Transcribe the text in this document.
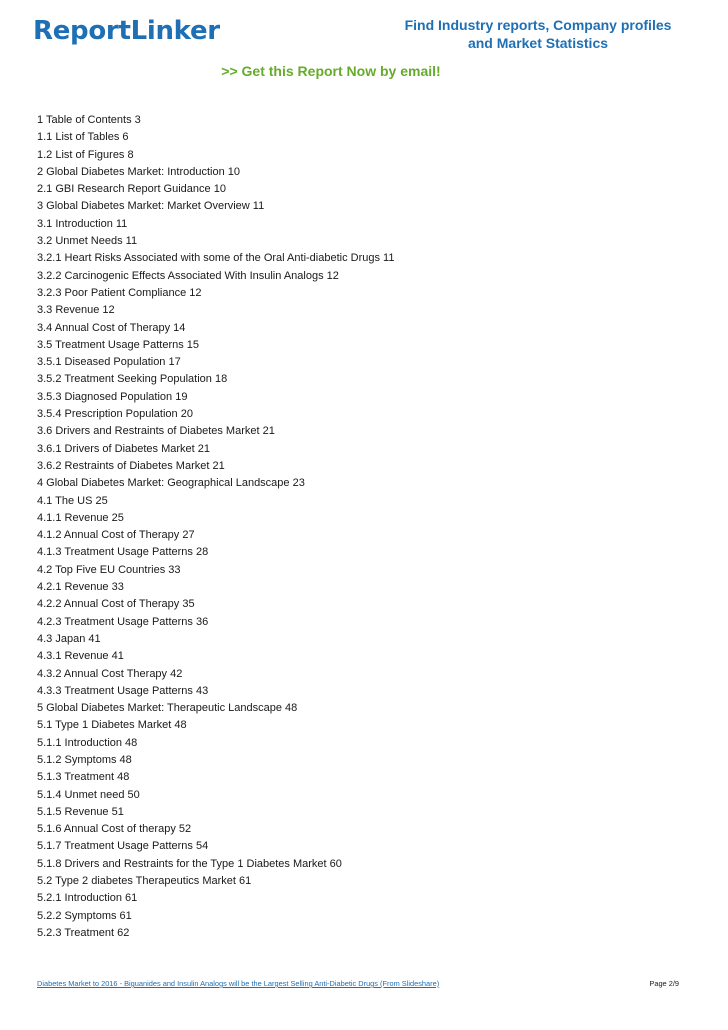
ReportLinker	Find Industry reports, Company profiles
and Market Statistics
>> Get this Report Now by email!
1 Table of Contents 3
1.1 List of Tables 6
1.2 List of Figures 8
2 Global Diabetes Market: Introduction 10
2.1 GBI Research Report Guidance 10
3 Global Diabetes Market: Market Overview 11
3.1 Introduction 11
3.2 Unmet Needs 11
3.2.1 Heart Risks Associated with some of the Oral Anti-diabetic Drugs 11
3.2.2 Carcinogenic Effects Associated With Insulin Analogs 12
3.2.3 Poor Patient Compliance 12
3.3 Revenue 12
3.4 Annual Cost of Therapy 14
3.5 Treatment Usage Patterns 15
3.5.1 Diseased Population 17
3.5.2 Treatment Seeking Population 18
3.5.3 Diagnosed Population 19
3.5.4 Prescription Population 20
3.6 Drivers and Restraints of Diabetes Market 21
3.6.1 Drivers of Diabetes Market 21
3.6.2 Restraints of Diabetes Market 21
4 Global Diabetes Market: Geographical Landscape 23
4.1 The US 25
4.1.1 Revenue 25
4.1.2 Annual Cost of Therapy 27
4.1.3 Treatment Usage Patterns 28
4.2 Top Five EU Countries 33
4.2.1 Revenue 33
4.2.2 Annual Cost of Therapy 35
4.2.3 Treatment Usage Patterns 36
4.3 Japan 41
4.3.1 Revenue 41
4.3.2 Annual Cost Therapy 42
4.3.3 Treatment Usage Patterns 43
5 Global Diabetes Market: Therapeutic Landscape 48
5.1 Type 1 Diabetes Market 48
5.1.1 Introduction 48
5.1.2 Symptoms 48
5.1.3 Treatment 48
5.1.4 Unmet need 50
5.1.5 Revenue 51
5.1.6 Annual Cost of therapy 52
5.1.7 Treatment Usage Patterns 54
5.1.8 Drivers and Restraints for the Type 1 Diabetes Market 60
5.2 Type 2 diabetes Therapeutics Market 61
5.2.1 Introduction 61
5.2.2 Symptoms 61
5.2.3 Treatment 62
Diabetes Market to 2016 - Biguanides and Insulin Analogs will be the Largest Selling Anti-Diabetic Drugs (From Slideshare)	Page 2/9
